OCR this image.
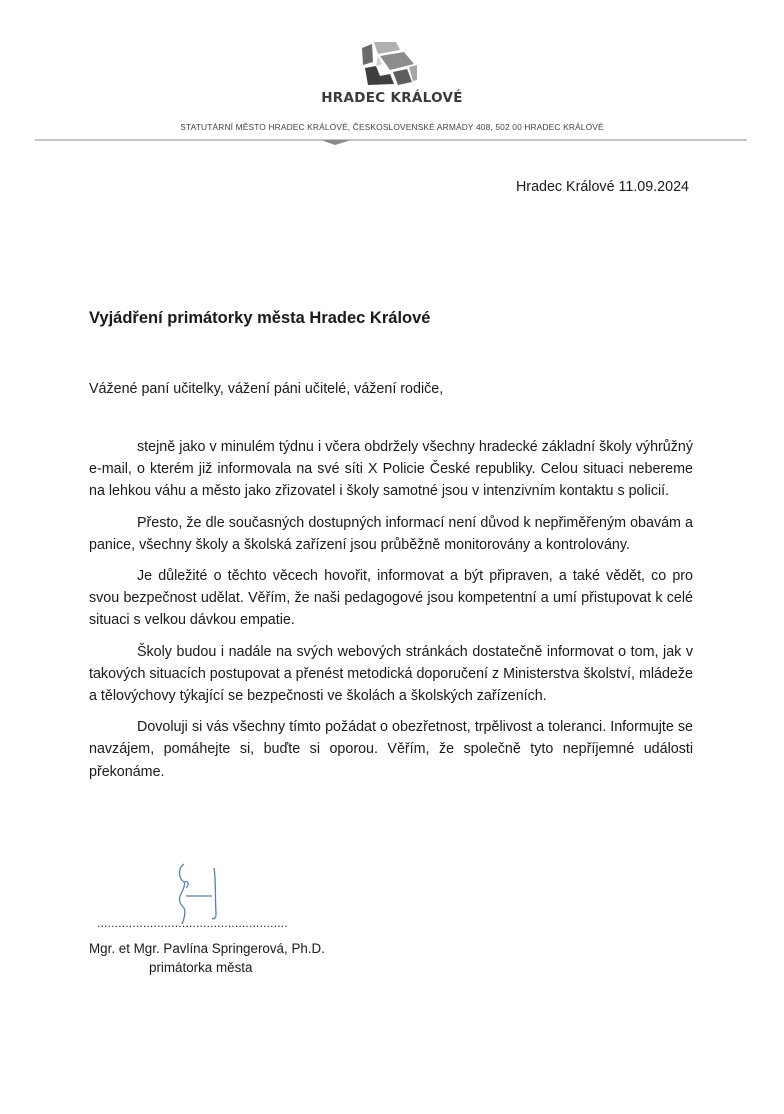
HRADEC KRÁLOVÉ
STATUTÁRNÍ MĚSTO HRADEC KRÁLOVÉ, ČESKOSLOVENSKÉ ARMÁDY 408, 502 00 HRADEC KRÁLOVÉ
Hradec Králové 11.09.2024
Vyjádření primátorky města Hradec Králové
Vážené paní učitelky, vážení páni učitelé, vážení rodiče,

stejně jako v minulém týdnu i včera obdržely všechny hradecké základní školy výhrůžný e-mail, o kterém již informovala na své síti X Policie České republiky. Celou situaci nebereme na lehkou váhu a město jako zřizovatel i školy samotné jsou v intenzivním kontaktu s policií.

Přesto, že dle současných dostupných informací není důvod k nepřiměřeným obavám a panice, všechny školy a školská zařízení jsou průběžně monitorovány a kontrolovány.

Je důležité o těchto věcech hovořit, informovat a být připraven, a také vědět, co pro svou bezpečnost udělat. Věřím, že naši pedagogové jsou kompetentní a umí přistupovat k celé situaci s velkou dávkou empatie.

Školy budou i nadále na svých webových stránkách dostatečně informovat o tom, jak v takových situacích postupovat a přenést metodická doporučení z Ministerstva školství, mládeže a tělovýchovy týkající se bezpečnosti ve školách a školských zařízeních.

Dovoluji si vás všechny tímto požádat o obezřetnost, trpělivost a toleranci. Informujte se navzájem, pomáhejte si, buďte si oporou. Věřím, že společně tyto nepříjemné události překonáme.

......................................................
Mgr. et Mgr. Pavlína Springerová, Ph.D.
primátorka města
